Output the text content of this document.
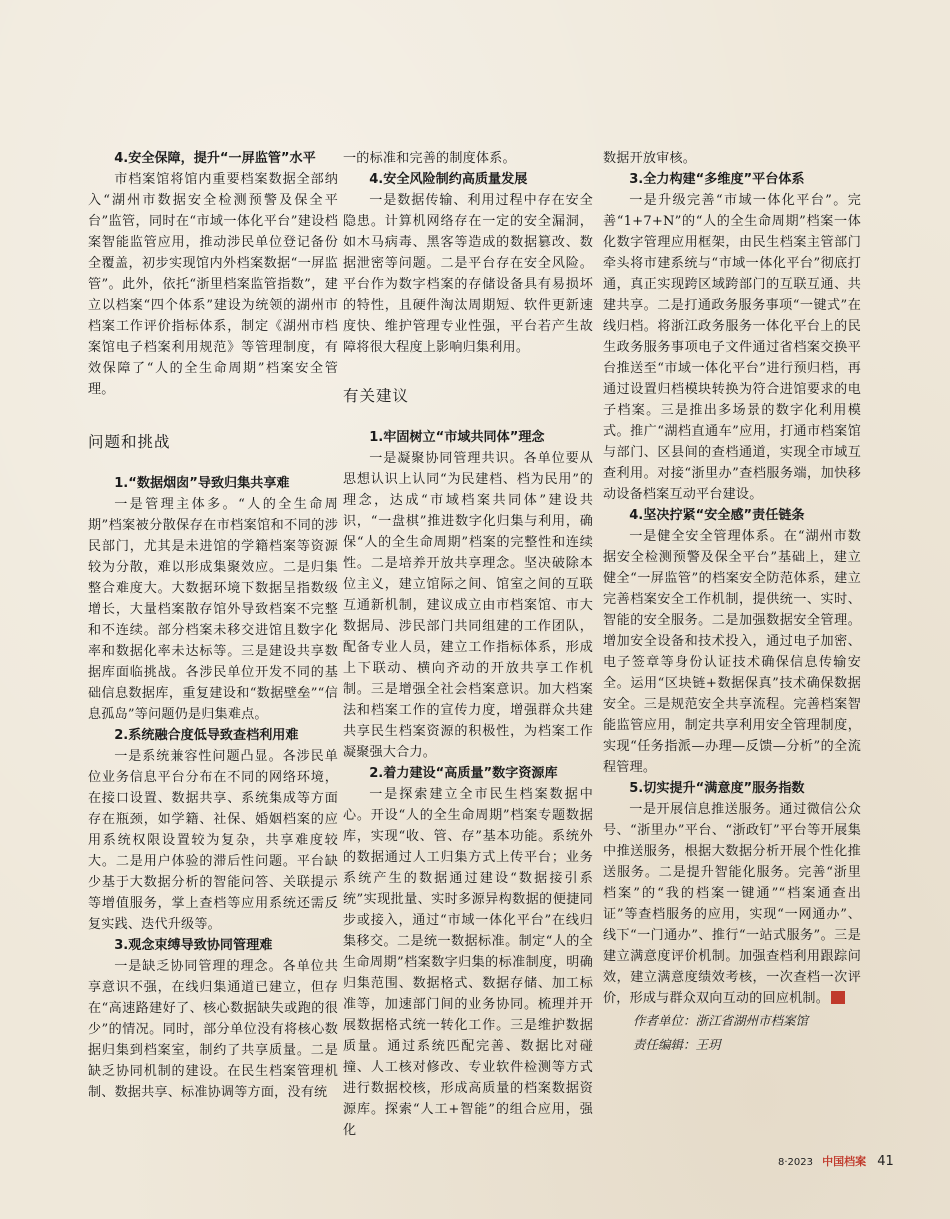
4.安全保障，提升“一屏监管”水平

市档案馆将馆内重要档案数据全部纳入“湖州市数据安全检测预警及保全平台”监管，同时在“市域一体化平台”建设档案智能监管应用，推动涉民单位登记备份全覆盖，初步实现馆内外档案数据“一屏监管”。此外，依托“浙里档案监管指数”，建立以档案“四个体系”建设为统领的湖州市档案工作评价指标体系，制定《湖州市档案馆电子档案利用规范》等管理制度，有效保障了“人的全生命周期”档案安全管理。

问题和挑战

1.“数据烟囱”导致归集共享难

一是管理主体多。“人的全生命周期”档案被分散保存在市档案馆和不同的涉民部门，尤其是未进馆的学籍档案等资源较为分散，难以形成集聚效应。二是归集整合难度大。大数据环境下数据呈指数级增长，大量档案散存馆外导致档案不完整和不连续。部分档案未移交进馆且数字化率和数据化率未达标等。三是建设共享数据库面临挑战。各涉民单位开发不同的基础信息数据库，重复建设和“数据壁垒”“信息孤岛”等问题仍是归集难点。

2.系统融合度低导致查档利用难

一是系统兼容性问题凸显。各涉民单位业务信息平台分布在不同的网络环境，在接口设置、数据共享、系统集成等方面存在瓶颈，如学籍、社保、婚姻档案的应用系统权限设置较为复杂，共享难度较大。二是用户体验的滞后性问题。平台缺少基于大数据分析的智能问答、关联提示等增值服务，掌上查档等应用系统还需反复实践、迭代升级等。

3.观念束缚导致协同管理难

一是缺乏协同管理的理念。各单位共享意识不强，在线归集通道已建立，但存在“高速路建好了、核心数据缺失或跑的很少”的情况。同时，部分单位没有将核心数据归集到档案室，制约了共享质量。二是缺乏协同机制的建设。在民生档案管理机制、数据共享、标准协调等方面，没有统

一的标准和完善的制度体系。

4.安全风险制约高质量发展

一是数据传输、利用过程中存在安全隐患。计算机网络存在一定的安全漏洞，如木马病毒、黑客等造成的数据篡改、数据泄密等问题。二是平台存在安全风险。平台作为数字档案的存储设备具有易损坏的特性，且硬件淘汰周期短、软件更新速度快、维护管理专业性强，平台若产生故障将很大程度上影响归集利用。

有关建议

1.牢固树立“市域共同体”理念

一是凝聚协同管理共识。各单位要从思想认识上认同“为民建档、档为民用”的理念，达成“市域档案共同体”建设共识，“一盘棋”推进数字化归集与利用，确保“人的全生命周期”档案的完整性和连续性。二是培养开放共享理念。坚决破除本位主义，建立馆际之间、馆室之间的互联互通新机制，建议成立由市档案馆、市大数据局、涉民部门共同组建的工作团队，配备专业人员，建立工作指标体系，形成上下联动、横向齐动的开放共享工作机制。三是增强全社会档案意识。加大档案法和档案工作的宣传力度，增强群众共建共享民生档案资源的积极性，为档案工作凝聚强大合力。

2.着力建设“高质量”数字资源库

一是探索建立全市民生档案数据中心。开设“人的全生命周期”档案专题数据库，实现“收、管、存”基本功能。系统外的数据通过人工归集方式上传平台；业务系统产生的数据通过建设“数据接引系统”实现批量、实时多源异构数据的便捷同步或接入，通过“市域一体化平台”在线归集移交。二是统一数据标准。制定“人的全生命周期”档案数字归集的标准制度，明确归集范围、数据格式、数据存储、加工标准等，加速部门间的业务协同。梳理并开展数据格式统一转化工作。三是维护数据质量。通过系统匹配完善、数据比对碰撞、人工核对修改、专业软件检测等方式进行数据校核，形成高质量的档案数据资源库。探索“人工+智能”的组合应用，强化

数据开放审核。

3.全力构建“多维度”平台体系

一是升级完善“市域一体化平台”。完善“1+7+N”的“人的全生命周期”档案一体化数字管理应用框架，由民生档案主管部门牵头将市建系统与“市域一体化平台”彻底打通，真正实现跨区域跨部门的互联互通、共建共享。二是打通政务服务事项“一键式”在线归档。将浙江政务服务一体化平台上的民生政务服务事项电子文件通过省档案交换平台推送至“市域一体化平台”进行预归档，再通过设置归档模块转换为符合进馆要求的电子档案。三是推出多场景的数字化利用模式。推广“湖档直通车”应用，打通市档案馆与部门、区县间的查档通道，实现全市域互查利用。对接“浙里办”查档服务端，加快移动设备档案互动平台建设。

4.坚决拧紧“安全感”责任链条

一是健全安全管理体系。在“湖州市数据安全检测预警及保全平台”基础上，建立健全“一屏监管”的档案安全防范体系，建立完善档案安全工作机制，提供统一、实时、智能的安全服务。二是加强数据安全管理。增加安全设备和技术投入，通过电子加密、电子签章等身份认证技术确保信息传输安全。运用“区块链+数据保真”技术确保数据安全。三是规范安全共享流程。完善档案智能监管应用，制定共享利用安全管理制度，实现“任务指派—办理—反馈—分析”的全流程管理。

5.切实提升“满意度”服务指数

一是开展信息推送服务。通过微信公众号、“浙里办”平台、“浙政钉”平台等开展集中推送服务，根据大数据分析开展个性化推送服务。二是提升智能化服务。完善“浙里档案”的“我的档案一键通”“档案通查出证”等查档服务的应用，实现“一网通办”、线下“一门通办”、推行“一站式服务”。三是建立满意度评价机制。加强查档利用跟踪问效，建立满意度绩效考核，一次查档一次评价，形成与群众双向互动的回应机制。

作者单位：浙江省湖州市档案馆

责任编辑：王玥

8·2023 中国档案 41
